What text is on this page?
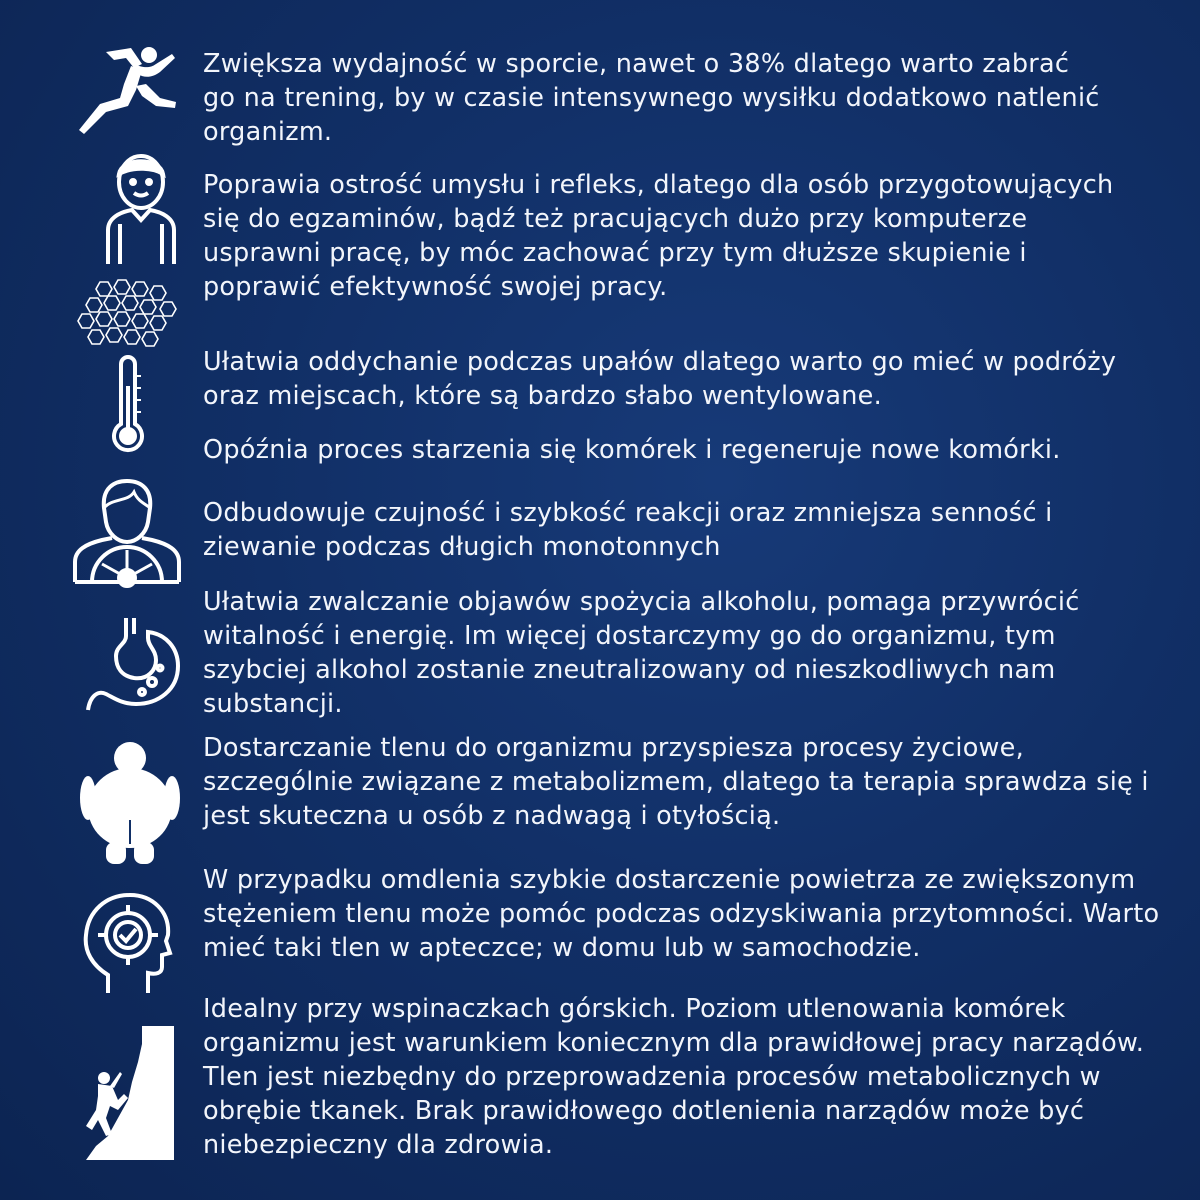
Zwiększa wydajność w sporcie, nawet o 38% dlatego warto zabrać
go na trening, by w czasie intensywnego wysiłku dodatkowo natlenić
organizm.

Poprawia ostrość umysłu i refleks, dlatego dla osób przygotowujących
się do egzaminów, bądź też pracujących dużo przy komputerze
usprawni pracę, by móc zachować przy tym dłuższe skupienie i
poprawić efektywność swojej pracy.

Ułatwia oddychanie podczas upałów dlatego warto go mieć w podróży
oraz miejscach, które są bardzo słabo wentylowane.

Opóźnia proces starzenia się komórek i regeneruje nowe komórki.

Odbudowuje czujność i szybkość reakcji oraz zmniejsza senność i
ziewanie podczas długich monotonnych

Ułatwia zwalczanie objawów spożycia alkoholu, pomaga przywrócić
witalność i energię. Im więcej dostarczymy go do organizmu, tym
szybciej alkohol zostanie zneutralizowany od nieszkodliwych nam
substancji.

Dostarczanie tlenu do organizmu przyspiesza procesy życiowe,
szczególnie związane z metabolizmem, dlatego ta terapia sprawdza się i
jest skuteczna u osób z nadwagą i otyłością.

W przypadku omdlenia szybkie dostarczenie powietrza ze zwiększonym
stężeniem tlenu może pomóc podczas odzyskiwania przytomności. Warto
mieć taki tlen w apteczce; w domu lub w samochodzie.

Idealny przy wspinaczkach górskich. Poziom utlenowania komórek
organizmu jest warunkiem koniecznym dla prawidłowej pracy narządów.
Tlen jest niezbędny do przeprowadzenia procesów metabolicznych w
obrębie tkanek. Brak prawidłowego dotlenienia narządów może być
niebezpieczny dla zdrowia.
